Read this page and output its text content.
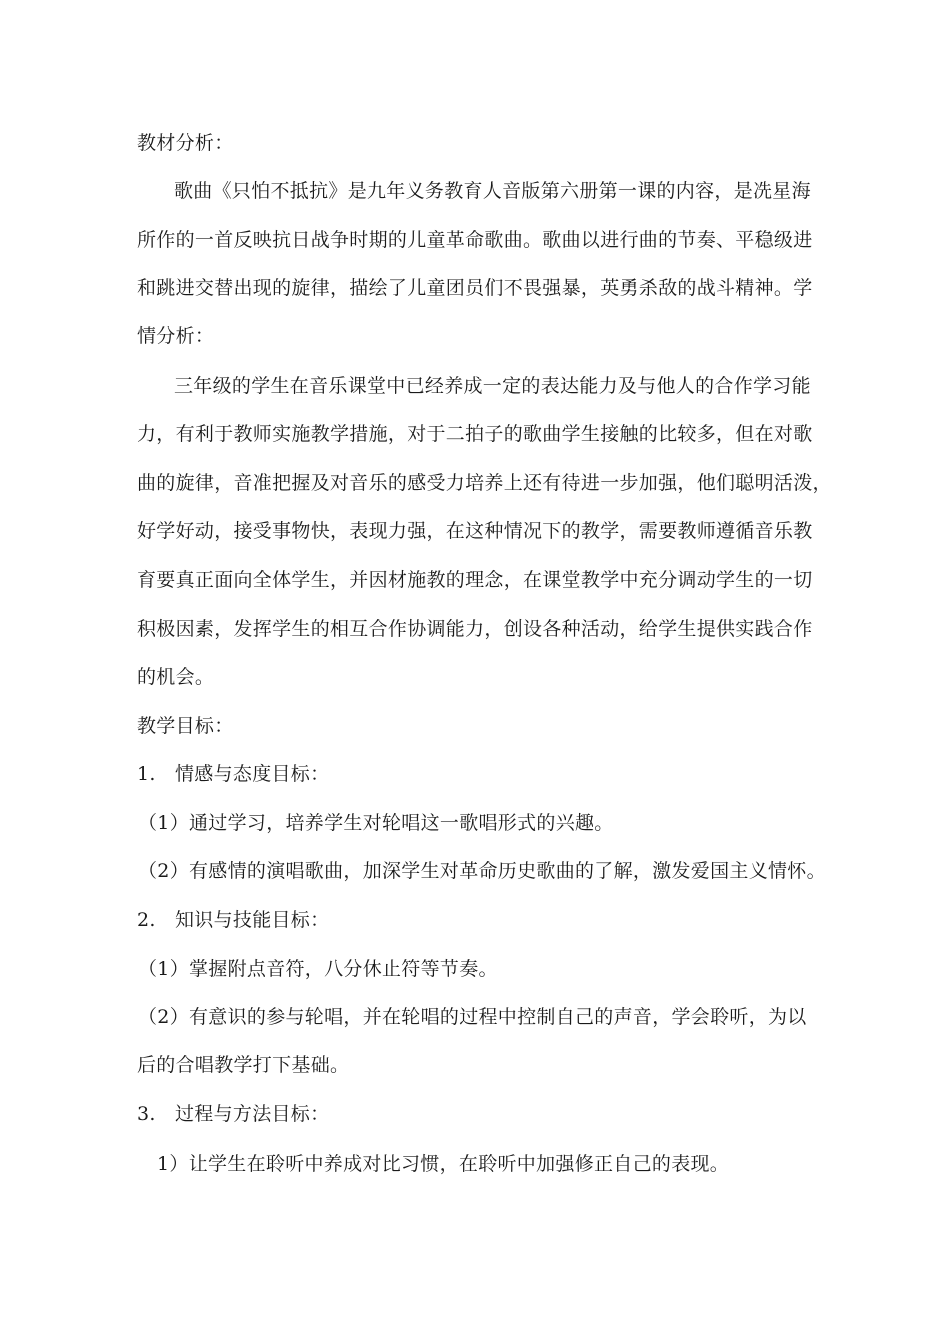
教材分析：
歌曲《只怕不抵抗》是九年义务教育人音版第六册第一课的内容，是冼星海
所作的一首反映抗日战争时期的儿童革命歌曲。歌曲以进行曲的节奏、平稳级进
和跳进交替出现的旋律，描绘了儿童团员们不畏强暴，英勇杀敌的战斗精神。学
情分析：
三年级的学生在音乐课堂中已经养成一定的表达能力及与他人的合作学习能
力，有利于教师实施教学措施，对于二拍子的歌曲学生接触的比较多，但在对歌
曲的旋律，音准把握及对音乐的感受力培养上还有待进一步加强，他们聪明活泼，
好学好动，接受事物快，表现力强，在这种情况下的教学，需要教师遵循音乐教
育要真正面向全体学生，并因材施教的理念，在课堂教学中充分调动学生的一切
积极因素，发挥学生的相互合作协调能力，创设各种活动，给学生提供实践合作
的机会。
教学目标：
1. 情感与态度目标：
（1）通过学习，培养学生对轮唱这一歌唱形式的兴趣。
（2）有感情的演唱歌曲，加深学生对革命历史歌曲的了解，激发爱国主义情怀。
2. 知识与技能目标：
（1）掌握附点音符，八分休止符等节奏。
（2）有意识的参与轮唱，并在轮唱的过程中控制自己的声音，学会聆听，为以
后的合唱教学打下基础。
3. 过程与方法目标：
1）让学生在聆听中养成对比习惯，在聆听中加强修正自己的表现。
